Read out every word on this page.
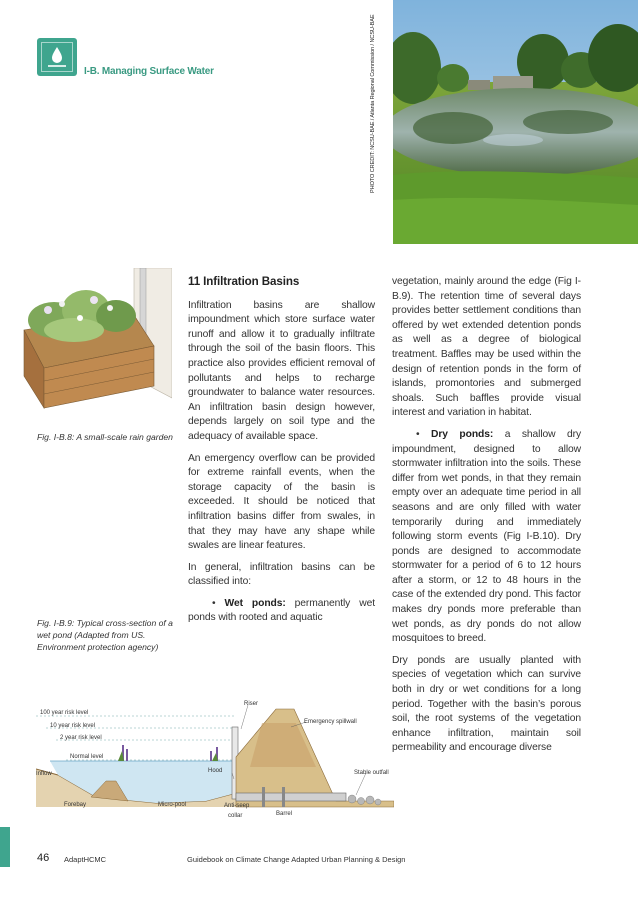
I-B. Managing Surface Water	PHOTO CREDIT: NCSU-BAE / Atlanta Regional Commission / NCSU-BAE
Fig. I-B.8: A small-scale rain garden
Fig. I-B.9: Typical cross-section of a wet pond (Adapted from US. Environment protection agency)

11 Infiltration Basins

Infiltration basins are shallow impoundment which store surface water runoff and allow it to gradually infiltrate through the soil of the basin floors. This practice also provides efficient removal of pollutants and helps to recharge groundwater to balance water resources. An infiltration basin design however, depends largely on soil type and the adequacy of available space.

An emergency overflow can be provided for extreme rainfall events, when the storage capacity of the basin is exceeded. It should be noticed that infiltration basins differ from swales, in that they may have any shape while swales are linear features.

In general, infiltration basins can be classified into:

• Wet ponds: permanently wet ponds with rooted and aquatic

vegetation, mainly around the edge (Fig I-B.9). The retention time of several days provides better settlement conditions than offered by wet extended detention ponds as well as a degree of biological treatment. Baffles may be used within the design of retention ponds in the form of islands, promontories and submerged shoals. Such baffles provide visual interest and variation in habitat.

• Dry ponds: a shallow dry impoundment, designed to allow stormwater infiltration into the soils. These differ from wet ponds, in that they remain empty over an adequate time period in all seasons and are only filled with water temporarily during and immediately following storm events (Fig I-B.10). Dry ponds are designed to accommodate stormwater for a period of 6 to 12 hours after a storm, or 12 to 48 hours in the case of the extended dry pond. This factor makes dry ponds more preferable than wet ponds, as dry ponds do not allow mosquitoes to breed.

Dry ponds are usually planted with species of vegetation which can survive both in dry or wet conditions for a long period. Together with the basin’s porous soil, the root systems of the vegetation enhance infiltration, maintain soil permeability and encourage diverse

100 year risk level
10 year risk level
2 year risk level
Normal level
Inflow
Forebay	Micro-pool
Hood
Riser
Emergency spillwall
Stable outfall
Anti-seep
collar	Barrel
46 AdaptHCMC	Guidebook on Climate Change Adapted Urban Planning & Design
